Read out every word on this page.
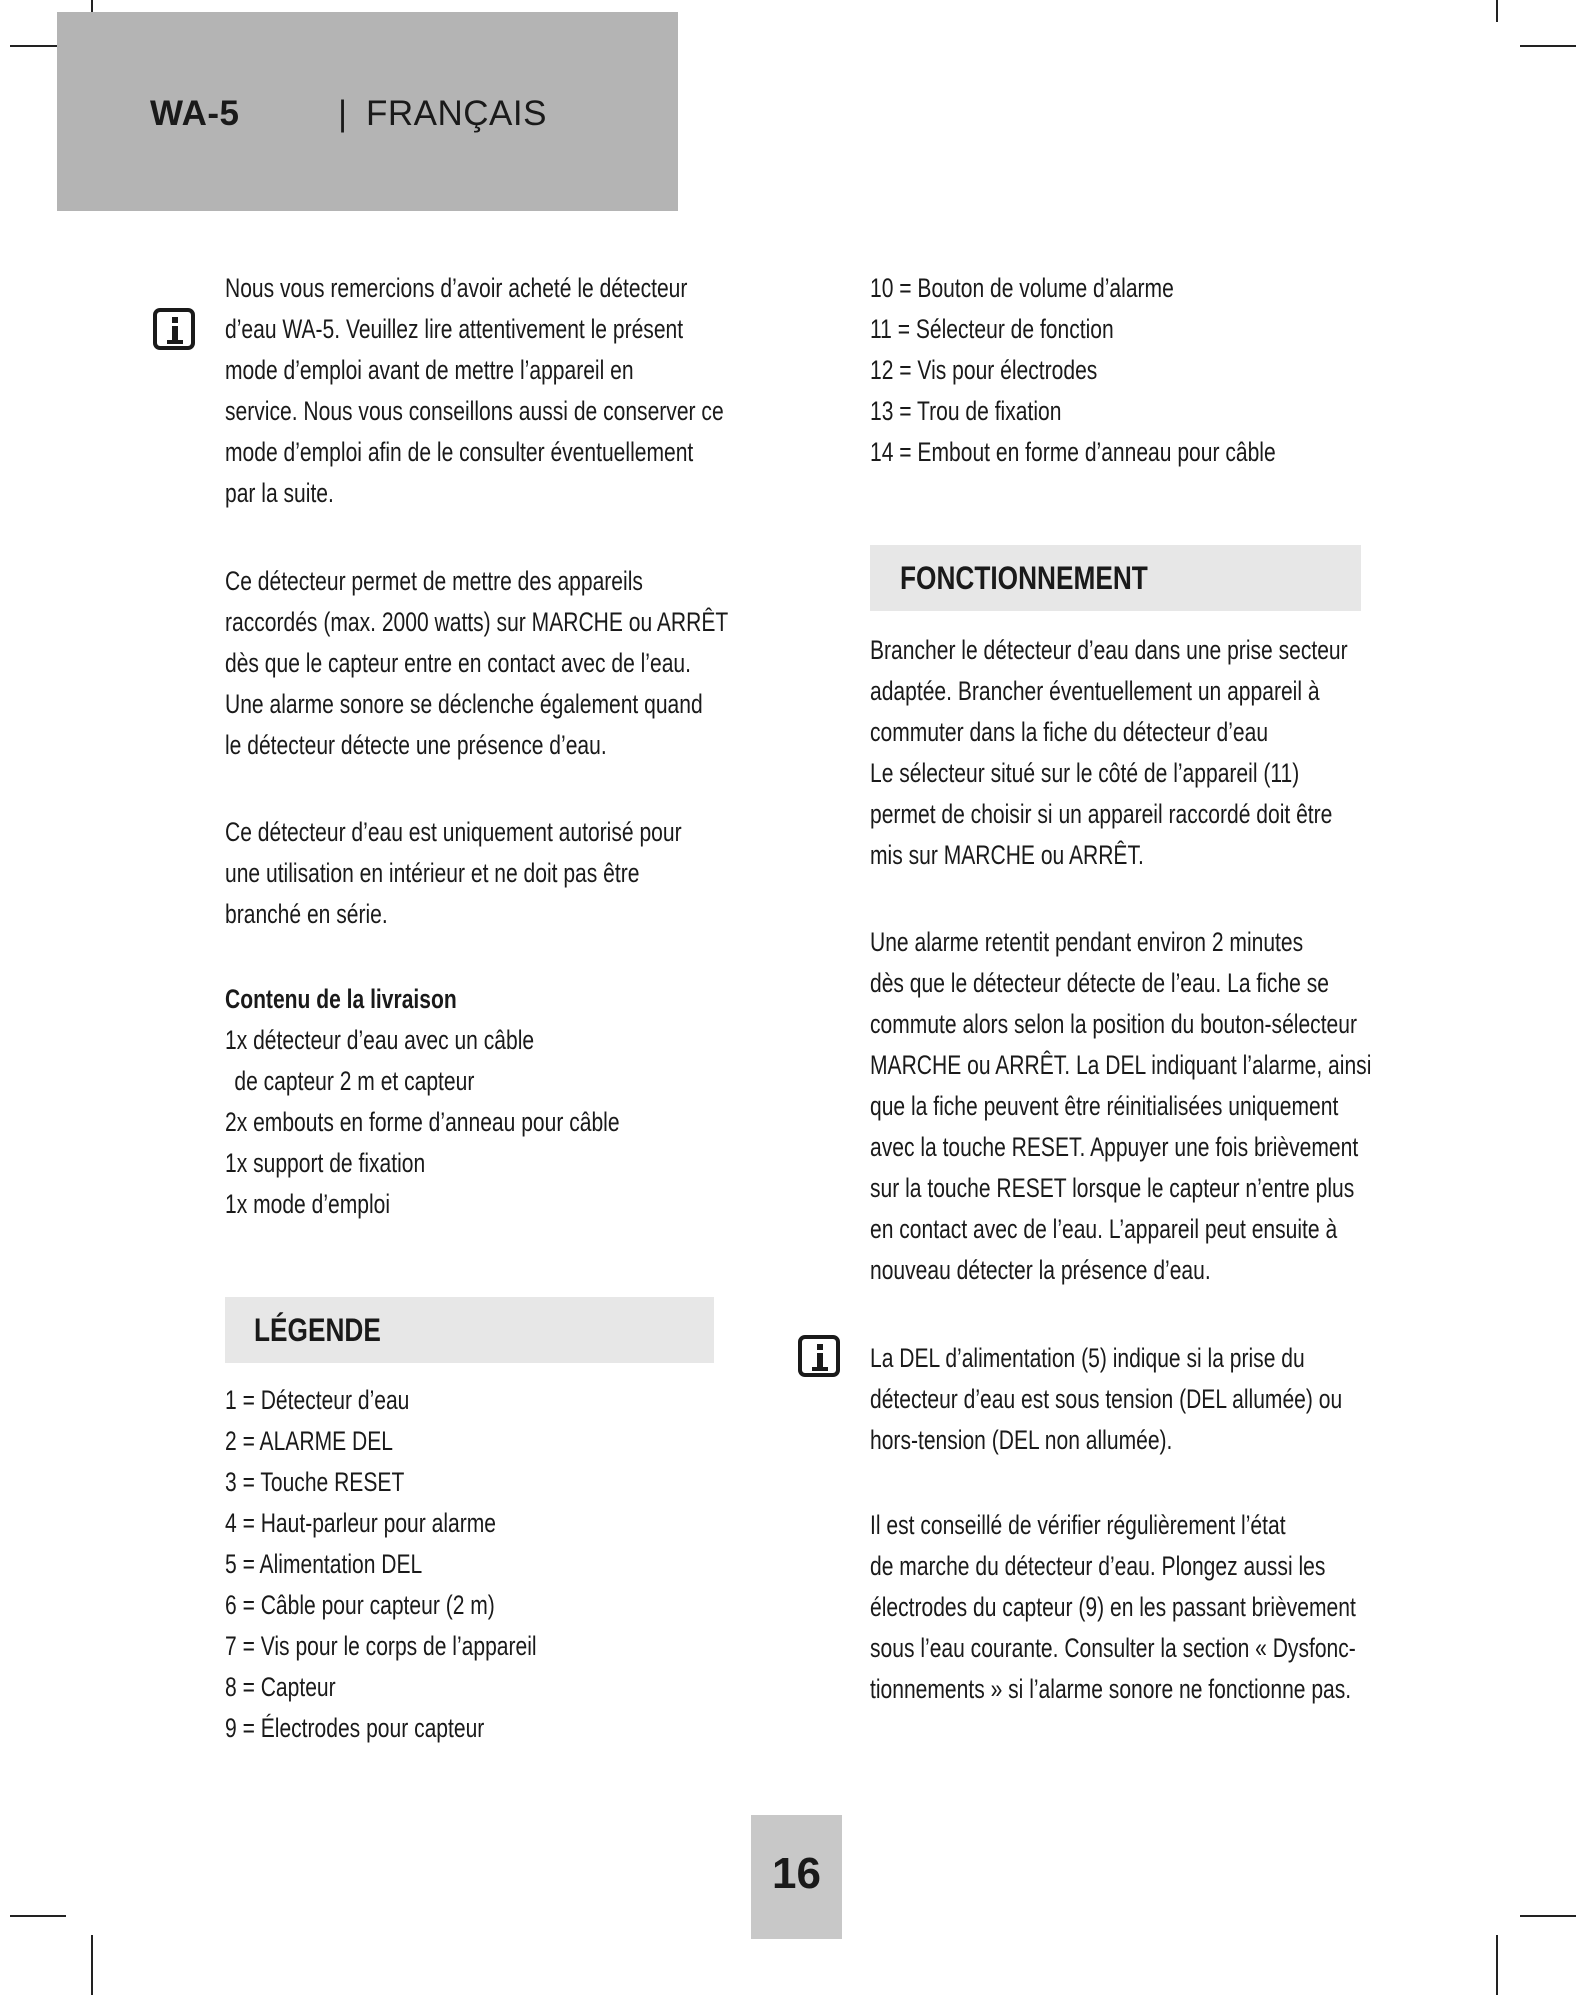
WA-5	| FRANÇAIS

Nous vous remercions d’avoir acheté le détecteur

d’eau WA-5. Veuillez lire attentivement le présent

mode d’emploi avant de mettre l’appareil en

service. Nous vous conseillons aussi de conserver ce

mode d’emploi afin de le consulter éventuellement

par la suite.

Ce détecteur permet de mettre des appareils

raccordés (max. 2000 watts) sur MARCHE ou ARRÊT

dès que le capteur entre en contact avec de l’eau.

Une alarme sonore se déclenche également quand

le détecteur détecte une présence d’eau.

Ce détecteur d’eau est uniquement autorisé pour

une utilisation en intérieur et ne doit pas être

branché en série.

Contenu de la livraison

1x détecteur d’eau avec un câble

de capteur 2 m et capteur

2x embouts en forme d’anneau pour câble

1x support de fixation

1x mode d’emploi

LÉGENDE

1 = Détecteur d’eau

2 = ALARME DEL

3 = Touche RESET

4 = Haut-parleur pour alarme

5 = Alimentation DEL

6 = Câble pour capteur (2 m)

7 = Vis pour le corps de l’appareil

8 = Capteur

9 = Électrodes pour capteur

10 = Bouton de volume d’alarme

11 = Sélecteur de fonction

12 = Vis pour électrodes

13 = Trou de fixation

14 = Embout en forme d’anneau pour câble

FONCTIONNEMENT

Brancher le détecteur d’eau dans une prise secteur

adaptée. Brancher éventuellement un appareil à

commuter dans la fiche du détecteur d’eau

Le sélecteur situé sur le côté de l’appareil (11)

permet de choisir si un appareil raccordé doit être

mis sur MARCHE ou ARRÊT.

Une alarme retentit pendant environ 2 minutes

dès que le détecteur détecte de l’eau. La fiche se

commute alors selon la position du bouton-sélecteur

MARCHE ou ARRÊT. La DEL indiquant l’alarme, ainsi

que la fiche peuvent être réinitialisées uniquement

avec la touche RESET. Appuyer une fois brièvement

sur la touche RESET lorsque le capteur n’entre plus

en contact avec de l’eau. L’appareil peut ensuite à

nouveau détecter la présence d’eau.

La DEL d’alimentation (5) indique si la prise du

détecteur d’eau est sous tension (DEL allumée) ou

hors-tension (DEL non allumée).

Il est conseillé de vérifier régulièrement l’état

de marche du détecteur d’eau. Plongez aussi les

électrodes du capteur (9) en les passant brièvement

sous l’eau courante. Consulter la section « Dysfonc-

tionnements » si l’alarme sonore ne fonctionne pas.

16
